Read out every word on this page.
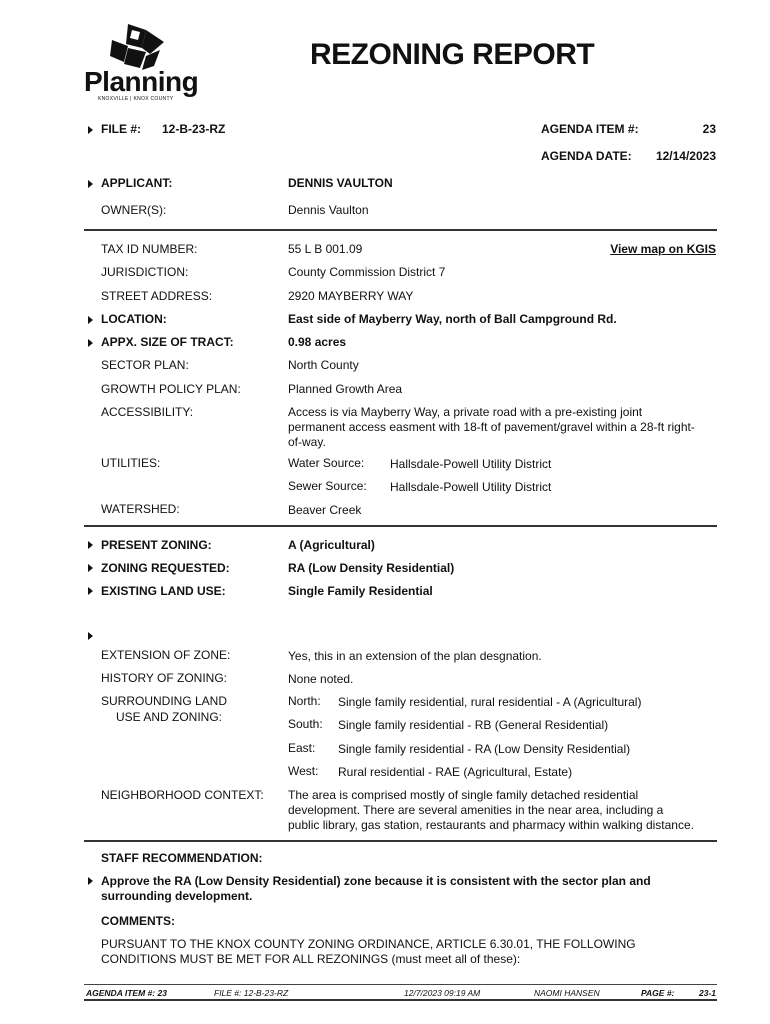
Planning
KNOXVILLE | KNOX COUNTY
REZONING REPORT
FILE #: 12-B-23-RZ	AGENDA ITEM #:	23
AGENDA DATE: 12/14/2023
APPLICANT:	DENNIS VAULTON
OWNER(S):	Dennis Vaulton
TAX ID NUMBER:	55 L B 001.09	View map on KGIS
JURISDICTION:	County Commission District 7
STREET ADDRESS:	2920 MAYBERRY WAY
LOCATION:	East side of Mayberry Way, north of Ball Campground Rd.
APPX. SIZE OF TRACT:	0.98 acres
SECTOR PLAN:	North County
GROWTH POLICY PLAN:	Planned Growth Area
ACCESSIBILITY:	Access is via Mayberry Way, a private road with a pre-existing joint
permanent access easment with 18-ft of pavement/gravel within a 28-ft right-
of-way.
UTILITIES:	Water Source: Hallsdale-Powell Utility District
Sewer Source: Hallsdale-Powell Utility District
WATERSHED:	Beaver Creek
PRESENT ZONING:	A (Agricultural)
ZONING REQUESTED:	RA (Low Density Residential)
EXISTING LAND USE:	Single Family Residential
EXTENSION OF ZONE:	Yes, this in an extension of the plan desgnation.
HISTORY OF ZONING:	None noted.
SURROUNDING LAND
USE AND ZONING:
North: Single family residential, rural residential - A (Agricultural)
South: Single family residential - RB (General Residential)
East: Single family residential - RA (Low Density Residential)
West: Rural residential - RAE (Agricultural, Estate)
NEIGHBORHOOD CONTEXT: The area is comprised mostly of single family detached residential
development. There are several amenities in the near area, including a
public library, gas station, restaurants and pharmacy within walking distance.
STAFF RECOMMENDATION:
Approve the RA (Low Density Residential) zone because it is consistent with the sector plan and
surrounding development.
COMMENTS:
PURSUANT TO THE KNOX COUNTY ZONING ORDINANCE, ARTICLE 6.30.01, THE FOLLOWING
CONDITIONS MUST BE MET FOR ALL REZONINGS (must meet all of these):
AGENDA ITEM #: 23	FILE #: 12-B-23-RZ	12/7/2023 09:19 AM	NAOMI HANSEN	PAGE #:	23-1
